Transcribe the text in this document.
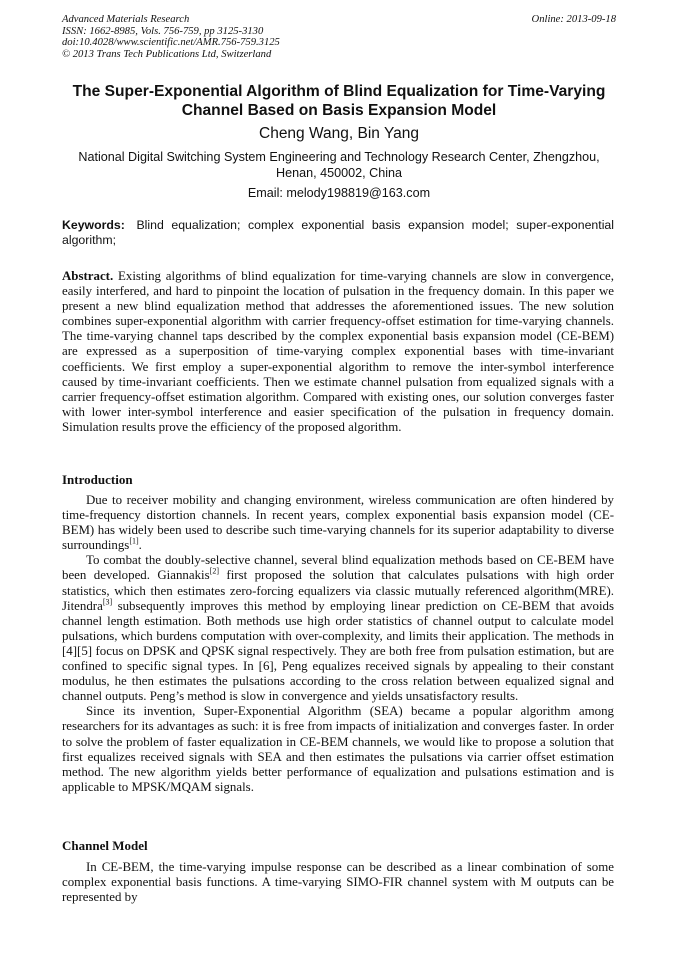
Advanced Materials Research
ISSN: 1662-8985, Vols. 756-759, pp 3125-3130
doi:10.4028/www.scientific.net/AMR.756-759.3125
© 2013 Trans Tech Publications Ltd, Switzerland
Online: 2013-09-18
The Super-Exponential Algorithm of Blind Equalization for Time-Varying Channel Based on Basis Expansion Model
Cheng Wang, Bin Yang
National Digital Switching System Engineering and Technology Research Center, Zhengzhou, Henan, 450002, China
Email: melody198819@163.com
Keywords: Blind equalization; complex exponential basis expansion model; super-exponential algorithm;
Abstract. Existing algorithms of blind equalization for time-varying channels are slow in convergence, easily interfered, and hard to pinpoint the location of pulsation in the frequency domain. In this paper we present a new blind equalization method that addresses the aforementioned issues. The new solution combines super-exponential algorithm with carrier frequency-offset estimation for time-varying channels. The time-varying channel taps described by the complex exponential basis expansion model (CE-BEM) are expressed as a superposition of time-varying complex exponential bases with time-invariant coefficients. We first employ a super-exponential algorithm to remove the inter-symbol interference caused by time-invariant coefficients. Then we estimate channel pulsation from equalized signals with a carrier frequency-offset estimation algorithm. Compared with existing ones, our solution converges faster with lower inter-symbol interference and easier specification of the pulsation in frequency domain. Simulation results prove the efficiency of the proposed algorithm.
Introduction

Due to receiver mobility and changing environment, wireless communication are often hindered by time-frequency distortion channels. In recent years, complex exponential basis expansion model (CE-BEM) has widely been used to describe such time-varying channels for its superior adaptability to diverse surroundings[1].

To combat the doubly-selective channel, several blind equalization methods based on CE-BEM have been developed. Giannakis[2] first proposed the solution that calculates pulsations with high order statistics, which then estimates zero-forcing equalizers via classic mutually referenced algorithm(MRE). Jitendra[3] subsequently improves this method by employing linear prediction on CE-BEM that avoids channel length estimation. Both methods use high order statistics of channel output to calculate model pulsations, which burdens computation with over-complexity, and limits their application. The methods in [4][5] focus on DPSK and QPSK signal respectively. They are both free from pulsation estimation, but are confined to specific signal types. In [6], Peng equalizes received signals by appealing to their constant modulus, he then estimates the pulsations according to the cross relation between equalized signal and channel outputs. Peng’s method is slow in convergence and yields unsatisfactory results.

Since its invention, Super-Exponential Algorithm (SEA) became a popular algorithm among researchers for its advantages as such: it is free from impacts of initialization and converges faster. In order to solve the problem of faster equalization in CE-BEM channels, we would like to propose a solution that first equalizes received signals with SEA and then estimates the pulsations via carrier offset estimation method. The new algorithm yields better performance of equalization and pulsations estimation and is applicable to MPSK/MQAM signals.

Channel Model

In CE-BEM, the time-varying impulse response can be described as a linear combination of some complex exponential basis functions. A time-varying SIMO-FIR channel system with M outputs can be represented by
